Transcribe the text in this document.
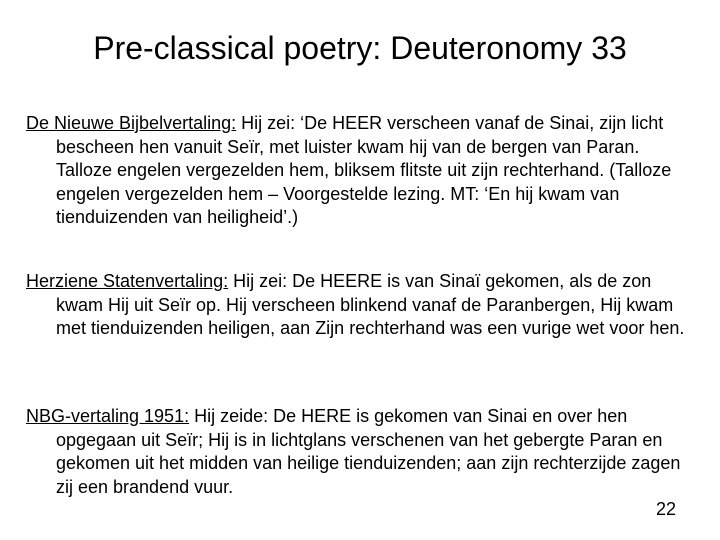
Pre-classical poetry: Deuteronomy 33
De Nieuwe Bijbelvertaling: Hij zei: ‘De HEER verscheen vanaf de Sinai, zijn licht bescheen hen vanuit Seïr, met luister kwam hij van de bergen van Paran. Talloze engelen vergezelden hem, bliksem flitste uit zijn rechterhand. (Talloze engelen vergezelden hem – Voorgestelde lezing. MT: ‘En hij kwam van tienduizenden van heiligheid’.)
Herziene Statenvertaling: Hij zei: De HEERE is van Sinaï gekomen, als de zon kwam Hij uit Seïr op. Hij verscheen blinkend vanaf de Paranbergen, Hij kwam met tienduizenden heiligen, aan Zijn rechterhand was een vurige wet voor hen.
NBG-vertaling 1951: Hij zeide: De HERE is gekomen van Sinai en over hen opgegaan uit Seïr; Hij is in lichtglans verschenen van het gebergte Paran en gekomen uit het midden van heilige tienduizenden; aan zijn rechterzijde zagen zij een brandend vuur.
22
